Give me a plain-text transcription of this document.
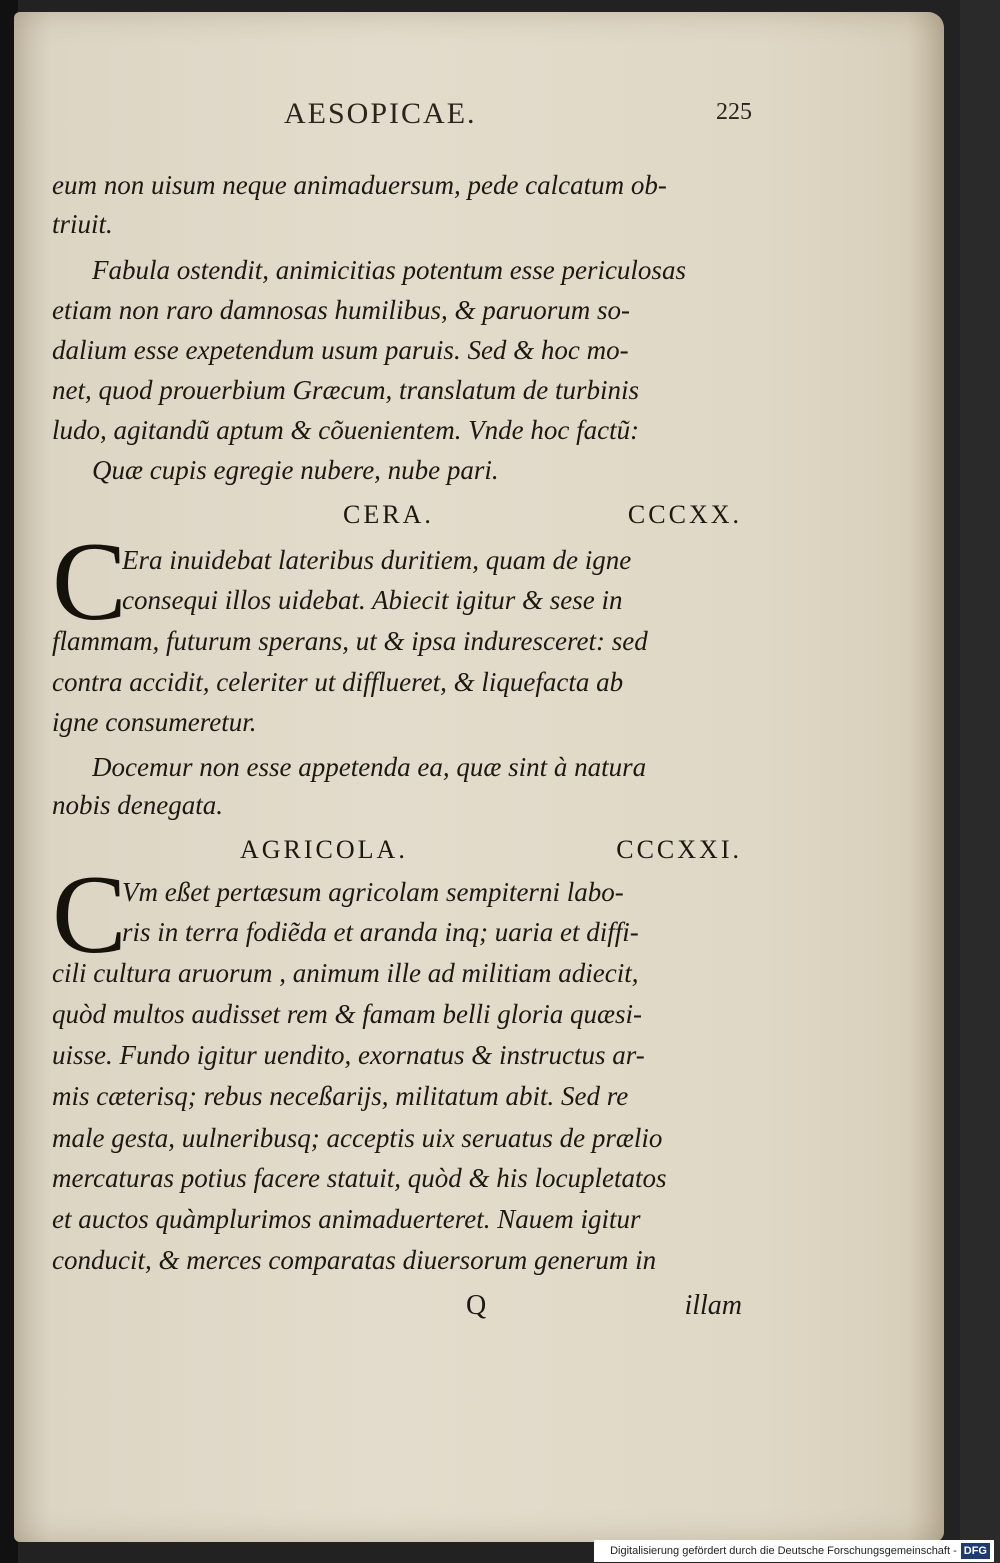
AESOPICAE.	225
eum non uisum neque animaduersum, pede calcatum ob-
triuit.
Fabula ostendit, animicitias potentum esse periculosas
etiam non raro damnosas humilibus, & paruorum so-
dalium esse expetendum usum paruis. Sed & hoc mo-
net, quod prouerbium Græcum, translatum de turbinis
ludo, agitandũ aptum & cõuenientem. Vnde hoc factũ:
Quæ cupis egregie nubere, nube pari.
CERA.	CCCXX.
C
Era inuidebat lateribus duritiem, quam de igne
consequi illos uidebat. Abiecit igitur & sese in
flammam, futurum sperans, ut & ipsa induresceret: sed
contra accidit, celeriter ut difflueret, & liquefacta ab
igne consumeretur.
Docemur non esse appetenda ea, quæ sint à natura
nobis denegata.
AGRICOLA.	CCCXXI.
C
Vm eßet pertæsum agricolam sempiterni labo-
ris in terra fodiẽda et aranda inq; uaria et diffi-
cili cultura aruorum , animum ille ad militiam adiecit,
quòd multos audisset rem & famam belli gloria quæsi-
uisse. Fundo igitur uendito, exornatus & instructus ar-
mis cæterisq; rebus neceßarijs, militatum abit. Sed re
male gesta, uulneribusq; acceptis uix seruatus de prælio
mercaturas potius facere statuit, quòd & his locupletatos
et auctos quàmplurimos animaduerteret. Nauem igitur
conducit, & merces comparatas diuersorum generum in
Q	illam
Digitalisierung gefördert durch die Deutsche Forschungsgemeinschaft - DFG
